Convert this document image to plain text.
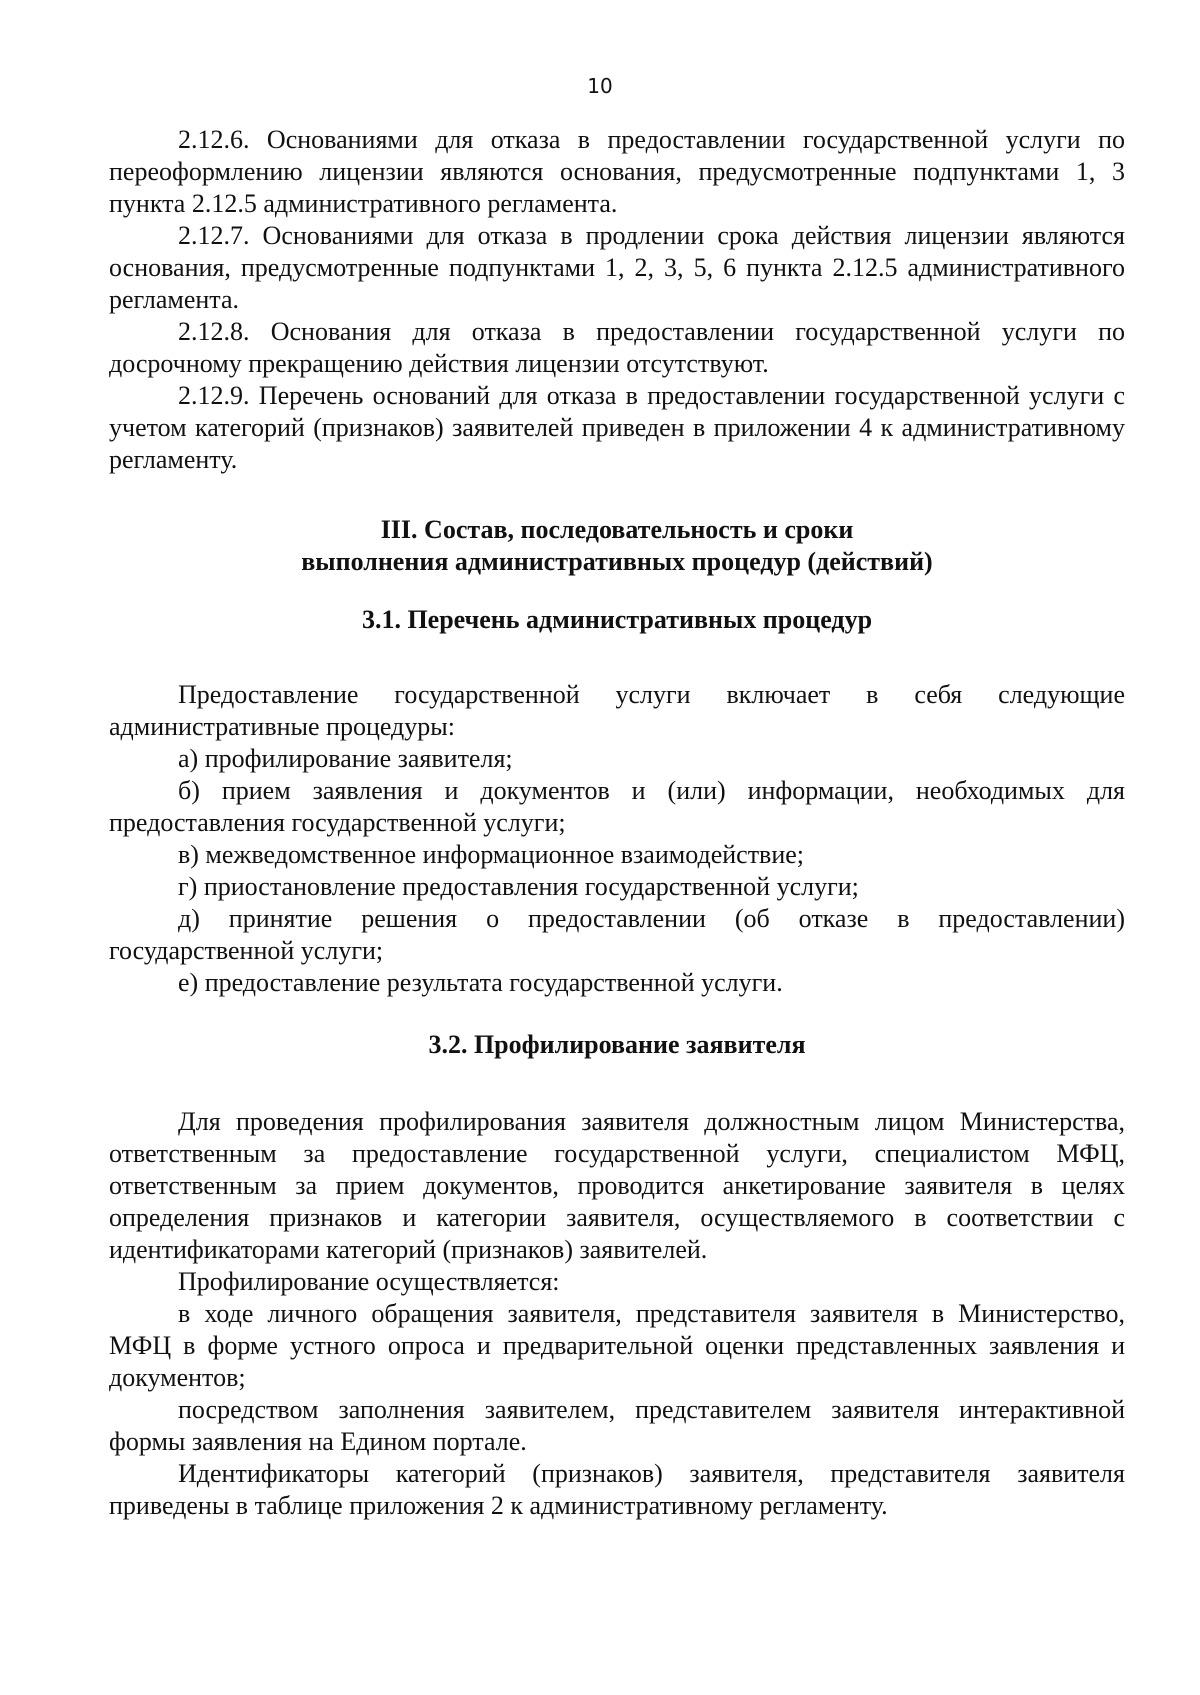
10

2.12.6. Основаниями для отказа в предоставлении государственной услуги по переоформлению лицензии являются основания, предусмотренные подпунктами 1, 3 пункта 2.12.5 административного регламента.

2.12.7. Основаниями для отказа в продлении срока действия лицензии являются основания, предусмотренные подпунктами 1, 2, 3, 5, 6 пункта 2.12.5 административного регламента.

2.12.8. Основания для отказа в предоставлении государственной услуги по досрочному прекращению действия лицензии отсутствуют.

2.12.9. Перечень оснований для отказа в предоставлении государственной услуги с учетом категорий (признаков) заявителей приведен в приложении 4 к административному регламенту.

III. Состав, последовательность и сроки

выполнения административных процедур (действий)

3.1. Перечень административных процедур

Предоставление государственной услуги включает в себя следующие административные процедуры:

а) профилирование заявителя;

б) прием заявления и документов и (или) информации, необходимых для предоставления государственной услуги;

в) межведомственное информационное взаимодействие;

г) приостановление предоставления государственной услуги;

д) принятие решения о предоставлении (об отказе в предоставлении) государственной услуги;

е) предоставление результата государственной услуги.

3.2. Профилирование заявителя

Для проведения профилирования заявителя должностным лицом Министерства, ответственным за предоставление государственной услуги, специалистом МФЦ, ответственным за прием документов, проводится анкетирование заявителя в целях определения признаков и категории заявителя, осуществляемого в соответствии с идентификаторами категорий (признаков) заявителей.

Профилирование осуществляется:

в ходе личного обращения заявителя, представителя заявителя в Министерство, МФЦ в форме устного опроса и предварительной оценки представленных заявления и документов;

посредством заполнения заявителем, представителем заявителя интерактивной формы заявления на Едином портале.

Идентификаторы категорий (признаков) заявителя, представителя заявителя приведены в таблице приложения 2 к административному регламенту.
